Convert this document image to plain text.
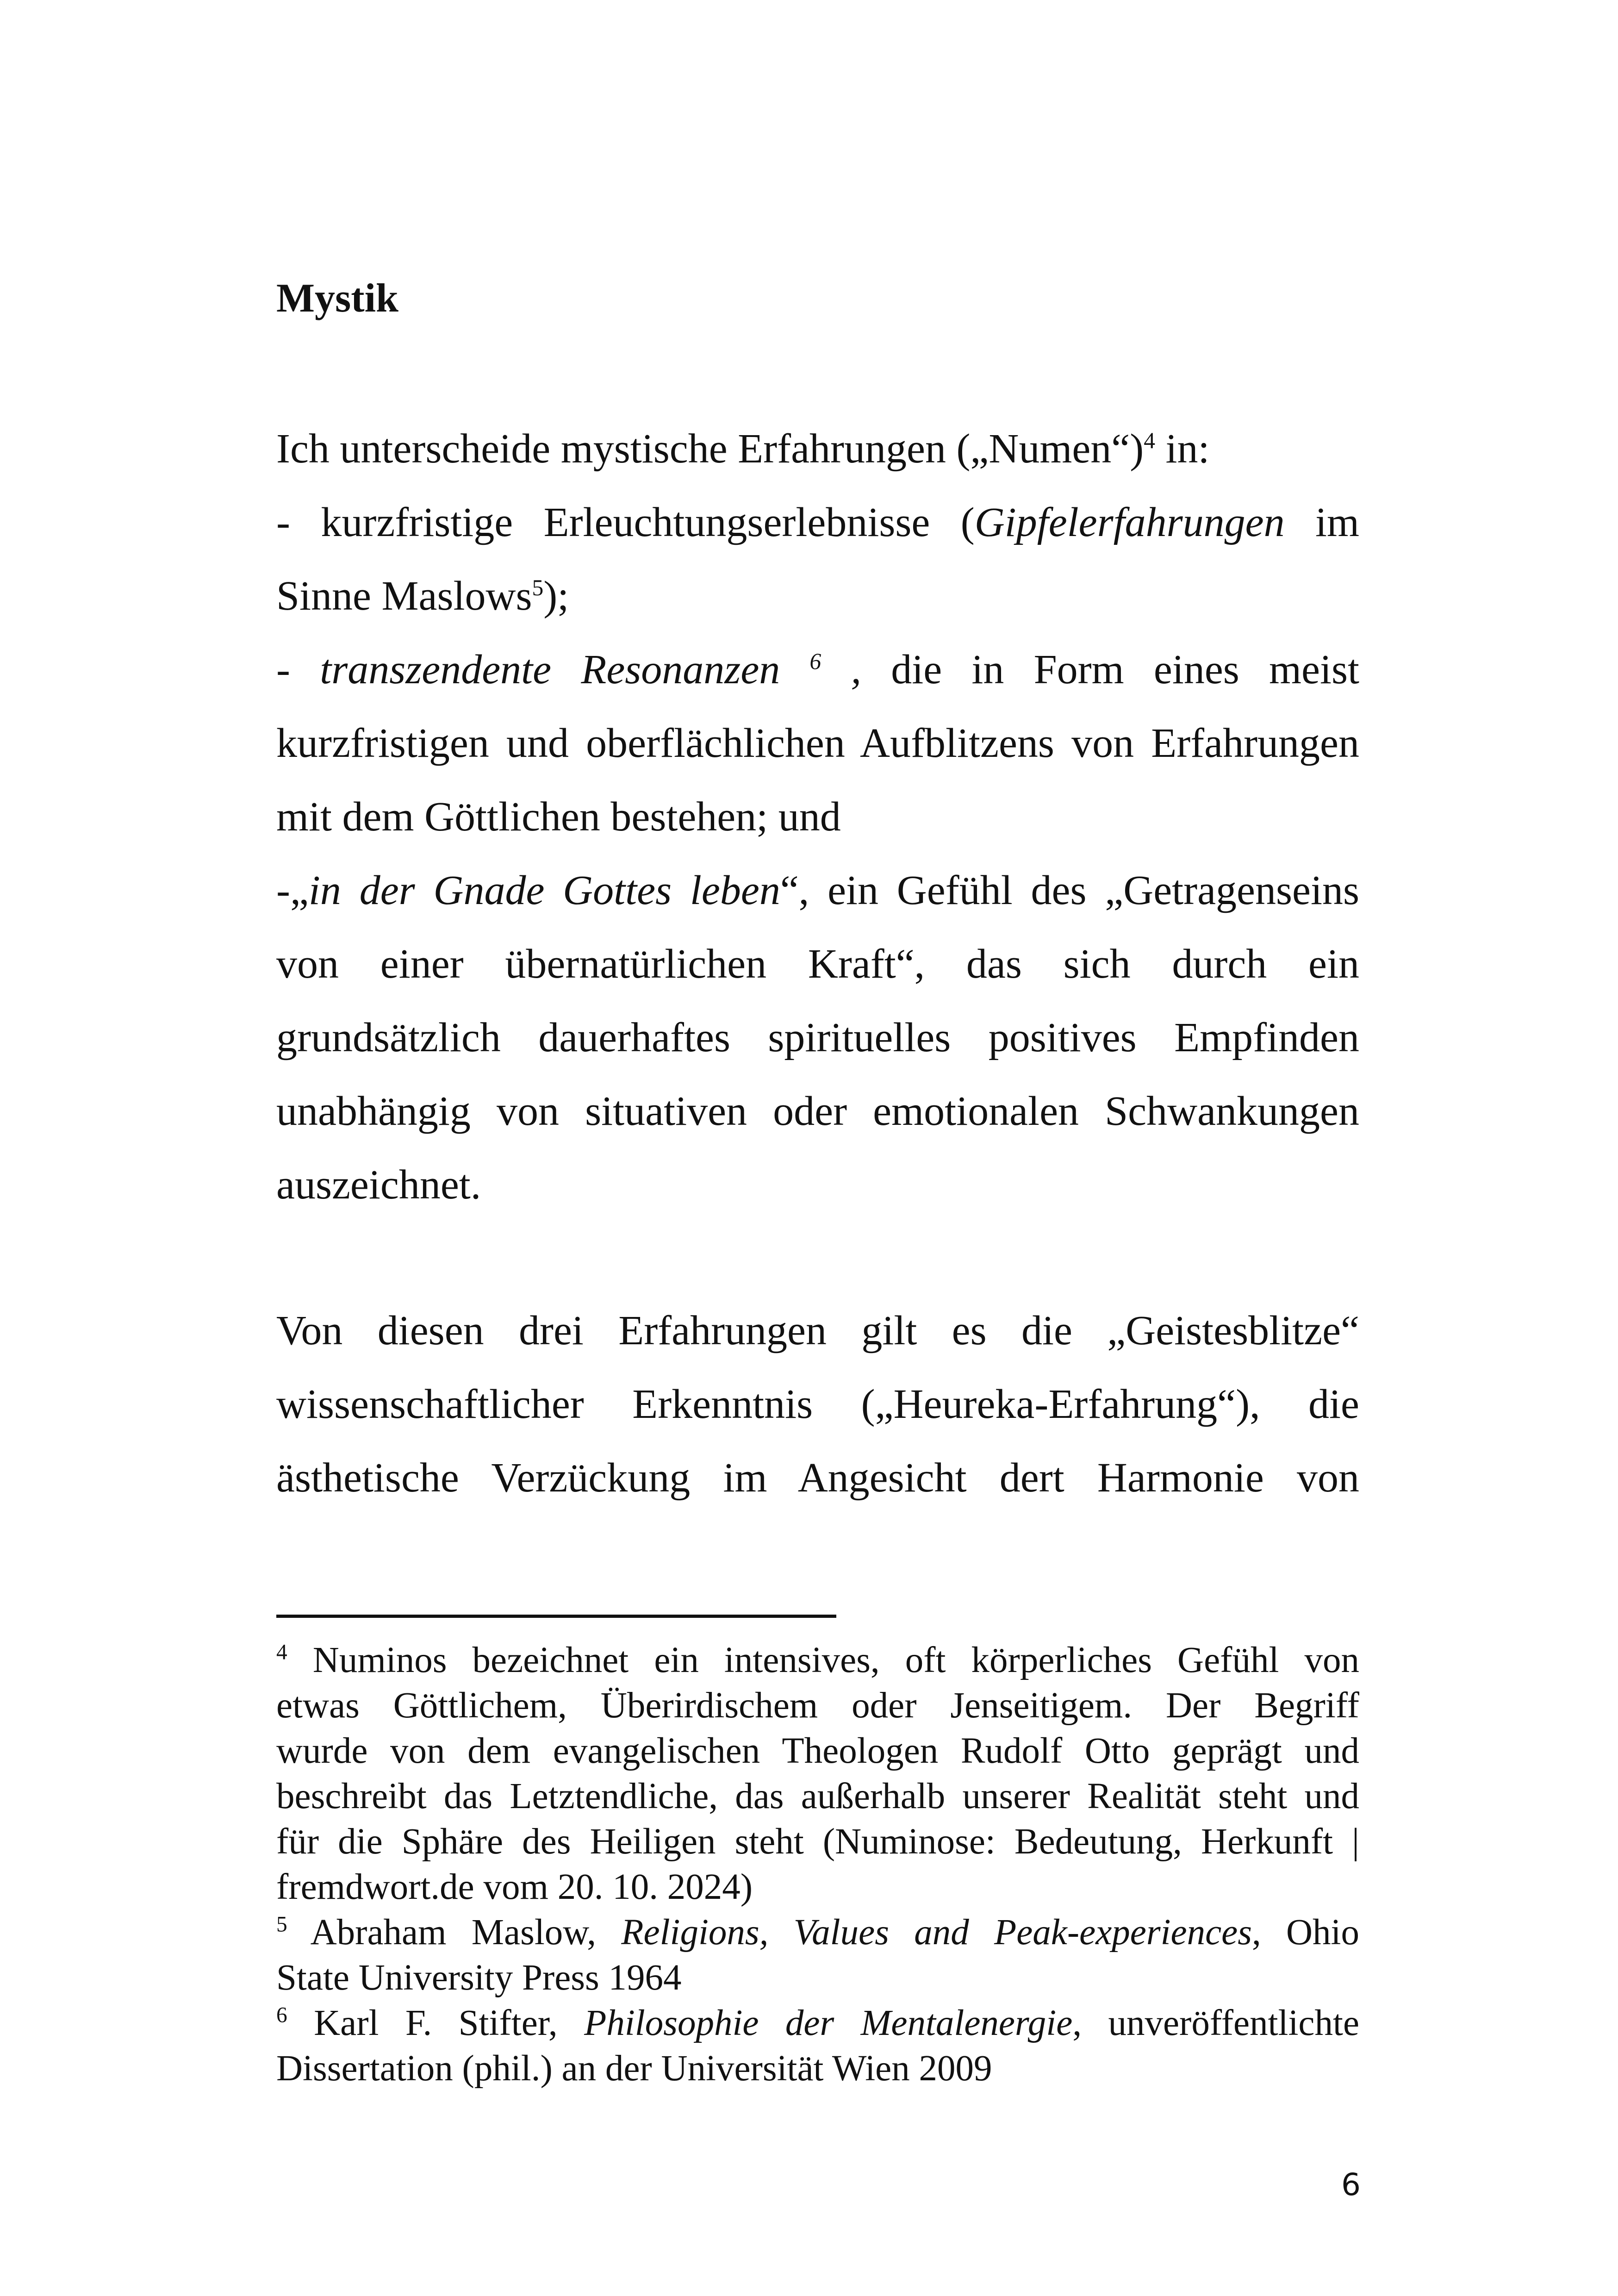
Mystik
Ich unterscheide mystische Erfahrungen („Numen“)$^4$ in:
- kurzfristige Erleuchtungserlebnisse (Gipfelerfahrungen im
Sinne Maslows$^5$);
- transzendente Resonanzen $^6$ , die in Form eines meist
kurzfristigen und oberflächlichen Aufblitzens von Erfahrungen
mit dem Göttlichen bestehen; und
-„in der Gnade Gottes leben“, ein Gefühl des „Getragenseins
von einer übernatürlichen Kraft“, das sich durch ein
grundsätzlich dauerhaftes spirituelles positives Empfinden
unabhängig von situativen oder emotionalen Schwankungen
auszeichnet.
Von diesen drei Erfahrungen gilt es die „Geistesblitze“
wissenschaftlicher Erkenntnis („Heureka-Erfahrung“), die
ästhetische Verzückung im Angesicht dert Harmonie von
$^4$ Numinos bezeichnet ein intensives, oft körperliches Gefühl von
etwas Göttlichem, Überirdischem oder Jenseitigem. Der Begriff
wurde von dem evangelischen Theologen Rudolf Otto geprägt und
beschreibt das Letztendliche, das außerhalb unserer Realität steht und
für die Sphäre des Heiligen steht (Numinose: Bedeutung, Herkunft |
fremdwort.de vom 20. 10. 2024)
$^5$ Abraham Maslow, Religions, Values and Peak-experiences, Ohio
State University Press 1964
$^6$ Karl F. Stifter, Philosophie der Mentalenergie, unveröffentlichte
Dissertation (phil.) an der Universität Wien 2009
6
